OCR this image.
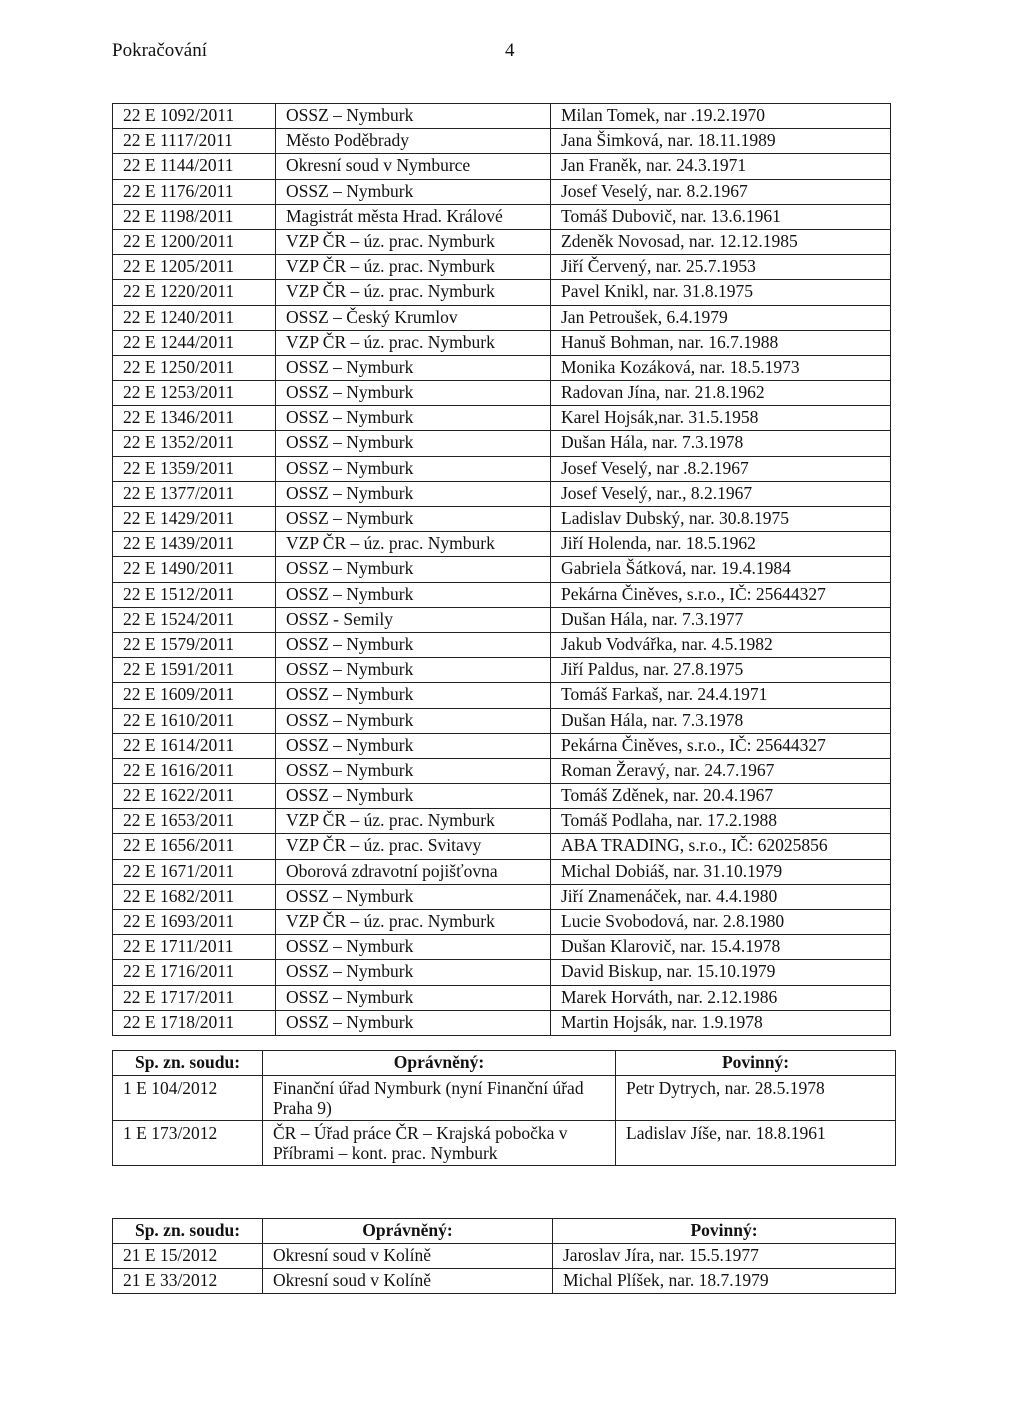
Pokračování	4
22 E 1092/2011	OSSZ – Nymburk	Milan Tomek, nar .19.2.1970
22 E 1117/2011	Město Poděbrady	Jana Šimková, nar. 18.11.1989
22 E 1144/2011	Okresní soud v Nymburce	Jan Franěk, nar. 24.3.1971
22 E 1176/2011	OSSZ – Nymburk	Josef Veselý, nar. 8.2.1967
22 E 1198/2011	Magistrát města Hrad. Králové	Tomáš Dubovič, nar. 13.6.1961
22 E 1200/2011	VZP ČR – úz. prac. Nymburk	Zdeněk Novosad, nar. 12.12.1985
22 E 1205/2011	VZP ČR – úz. prac. Nymburk	Jiří Červený, nar. 25.7.1953
22 E 1220/2011	VZP ČR – úz. prac. Nymburk	Pavel Knikl, nar. 31.8.1975
22 E 1240/2011	OSSZ – Český Krumlov	Jan Petroušek, 6.4.1979
22 E 1244/2011	VZP ČR – úz. prac. Nymburk	Hanuš Bohman, nar. 16.7.1988
22 E 1250/2011	OSSZ – Nymburk	Monika Kozáková, nar. 18.5.1973
22 E 1253/2011	OSSZ – Nymburk	Radovan Jína, nar. 21.8.1962
22 E 1346/2011	OSSZ – Nymburk	Karel Hojsák,nar. 31.5.1958
22 E 1352/2011	OSSZ – Nymburk	Dušan Hála, nar. 7.3.1978
22 E 1359/2011	OSSZ – Nymburk	Josef Veselý, nar .8.2.1967
22 E 1377/2011	OSSZ – Nymburk	Josef Veselý, nar., 8.2.1967
22 E 1429/2011	OSSZ – Nymburk	Ladislav Dubský, nar. 30.8.1975
22 E 1439/2011	VZP ČR – úz. prac. Nymburk	Jiří Holenda, nar. 18.5.1962
22 E 1490/2011	OSSZ – Nymburk	Gabriela Šátková, nar. 19.4.1984
22 E 1512/2011	OSSZ – Nymburk	Pekárna Činěves, s.r.o., IČ: 25644327
22 E 1524/2011	OSSZ - Semily	Dušan Hála, nar. 7.3.1977
22 E 1579/2011	OSSZ – Nymburk	Jakub Vodvářka, nar. 4.5.1982
22 E 1591/2011	OSSZ – Nymburk	Jiří Paldus, nar. 27.8.1975
22 E 1609/2011	OSSZ – Nymburk	Tomáš Farkaš, nar. 24.4.1971
22 E 1610/2011	OSSZ – Nymburk	Dušan Hála, nar. 7.3.1978
22 E 1614/2011	OSSZ – Nymburk	Pekárna Činěves, s.r.o., IČ: 25644327
22 E 1616/2011	OSSZ – Nymburk	Roman Žeravý, nar. 24.7.1967
22 E 1622/2011	OSSZ – Nymburk	Tomáš Zděnek, nar. 20.4.1967
22 E 1653/2011	VZP ČR – úz. prac. Nymburk	Tomáš Podlaha, nar. 17.2.1988
22 E 1656/2011	VZP ČR – úz. prac. Svitavy	ABA TRADING, s.r.o., IČ: 62025856
22 E 1671/2011	Oborová zdravotní pojišťovna	Michal Dobiáš, nar. 31.10.1979
22 E 1682/2011	OSSZ – Nymburk	Jiří Znamenáček, nar. 4.4.1980
22 E 1693/2011	VZP ČR – úz. prac. Nymburk	Lucie Svobodová, nar. 2.8.1980
22 E 1711/2011	OSSZ – Nymburk	Dušan Klarovič, nar. 15.4.1978
22 E 1716/2011	OSSZ – Nymburk	David Biskup, nar. 15.10.1979
22 E 1717/2011	OSSZ – Nymburk	Marek Horváth, nar. 2.12.1986
22 E 1718/2011	OSSZ – Nymburk	Martin Hojsák, nar. 1.9.1978
Sp. zn. soudu:	Oprávněný:	Povinný:
1 E 104/2012	Finanční úřad Nymburk (nyní Finanční úřad Praha 9)	Petr Dytrych, nar. 28.5.1978
1 E 173/2012	ČR – Úřad práce ČR – Krajská pobočka v Příbrami – kont. prac. Nymburk	Ladislav Jíše, nar. 18.8.1961
Sp. zn. soudu:	Oprávněný:	Povinný:
21 E 15/2012	Okresní soud v Kolíně	Jaroslav Jíra, nar. 15.5.1977
21 E 33/2012	Okresní soud v Kolíně	Michal Plíšek, nar. 18.7.1979
